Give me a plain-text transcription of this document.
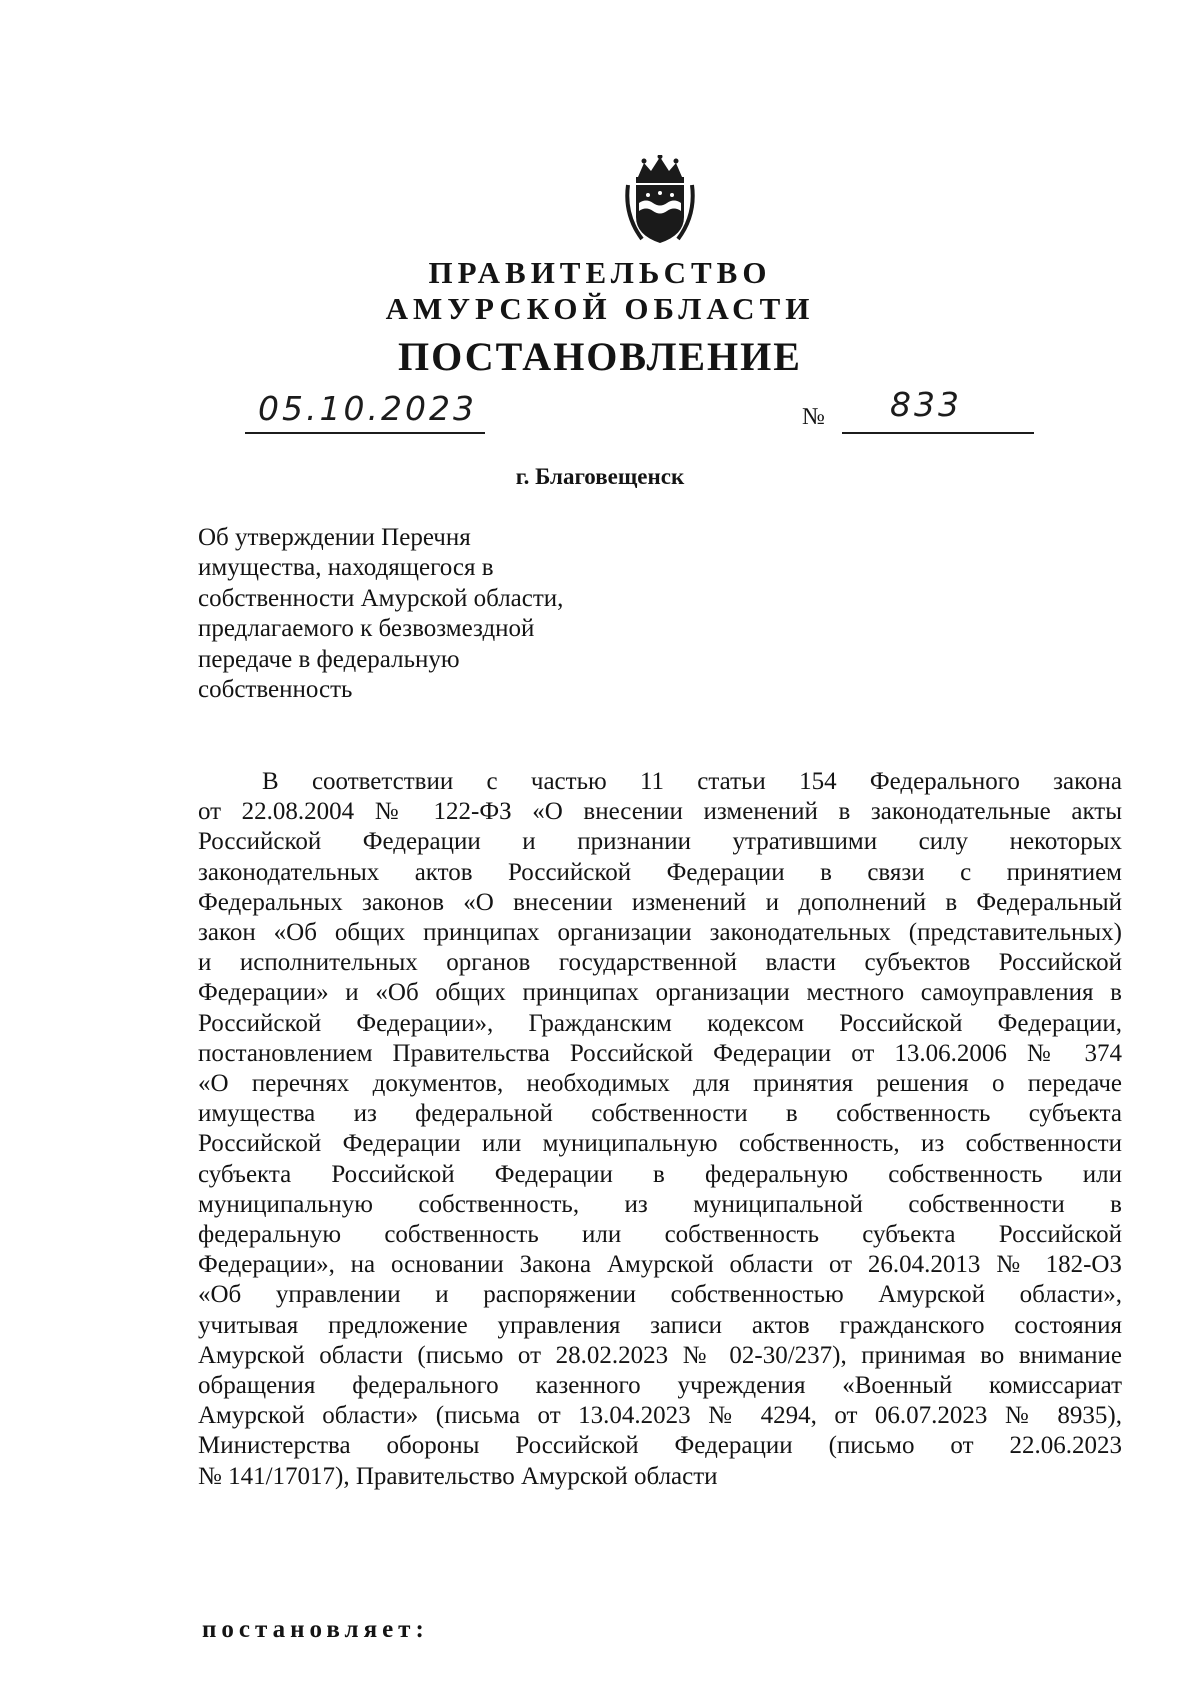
ПРАВИТЕЛЬСТВО
АМУРСКОЙ ОБЛАСТИ
ПОСТАНОВЛЕНИЕ
05.10.2023	№ 833
г. Благовещенск
Об утверждении Перечня
имущества, находящегося в
собственности Амурской области,
предлагаемого к безвозмездной
передаче в федеральную
собственность
В соответствии с частью 11 статьи 154 Федерального закона
от 22.08.2004 № 122-ФЗ «О внесении изменений в законодательные акты
Российской Федерации и признании утратившими силу некоторых
законодательных актов Российской Федерации в связи с принятием
Федеральных законов «О внесении изменений и дополнений в Федеральный
закон «Об общих принципах организации законодательных (представительных)
и исполнительных органов государственной власти субъектов Российской
Федерации» и «Об общих принципах организации местного самоуправления в
Российской Федерации», Гражданским кодексом Российской Федерации,
постановлением Правительства Российской Федерации от 13.06.2006 № 374
«О перечнях документов, необходимых для принятия решения о передаче
имущества из федеральной собственности в собственность субъекта
Российской Федерации или муниципальную собственность, из собственности
субъекта Российской Федерации в федеральную собственность или
муниципальную собственность, из муниципальной собственности в
федеральную собственность или собственность субъекта Российской
Федерации», на основании Закона Амурской области от 26.04.2013 № 182-ОЗ
«Об управлении и распоряжении собственностью Амурской области»,
учитывая предложение управления записи актов гражданского состояния
Амурской области (письмо от 28.02.2023 № 02-30/237), принимая во внимание
обращения федерального казенного учреждения «Военный комиссариат
Амурской области» (письма от 13.04.2023 № 4294, от 06.07.2023 № 8935),
Министерства обороны Российской Федерации (письмо от 22.06.2023
№ 141/17017), Правительство Амурской области
постановляет:
